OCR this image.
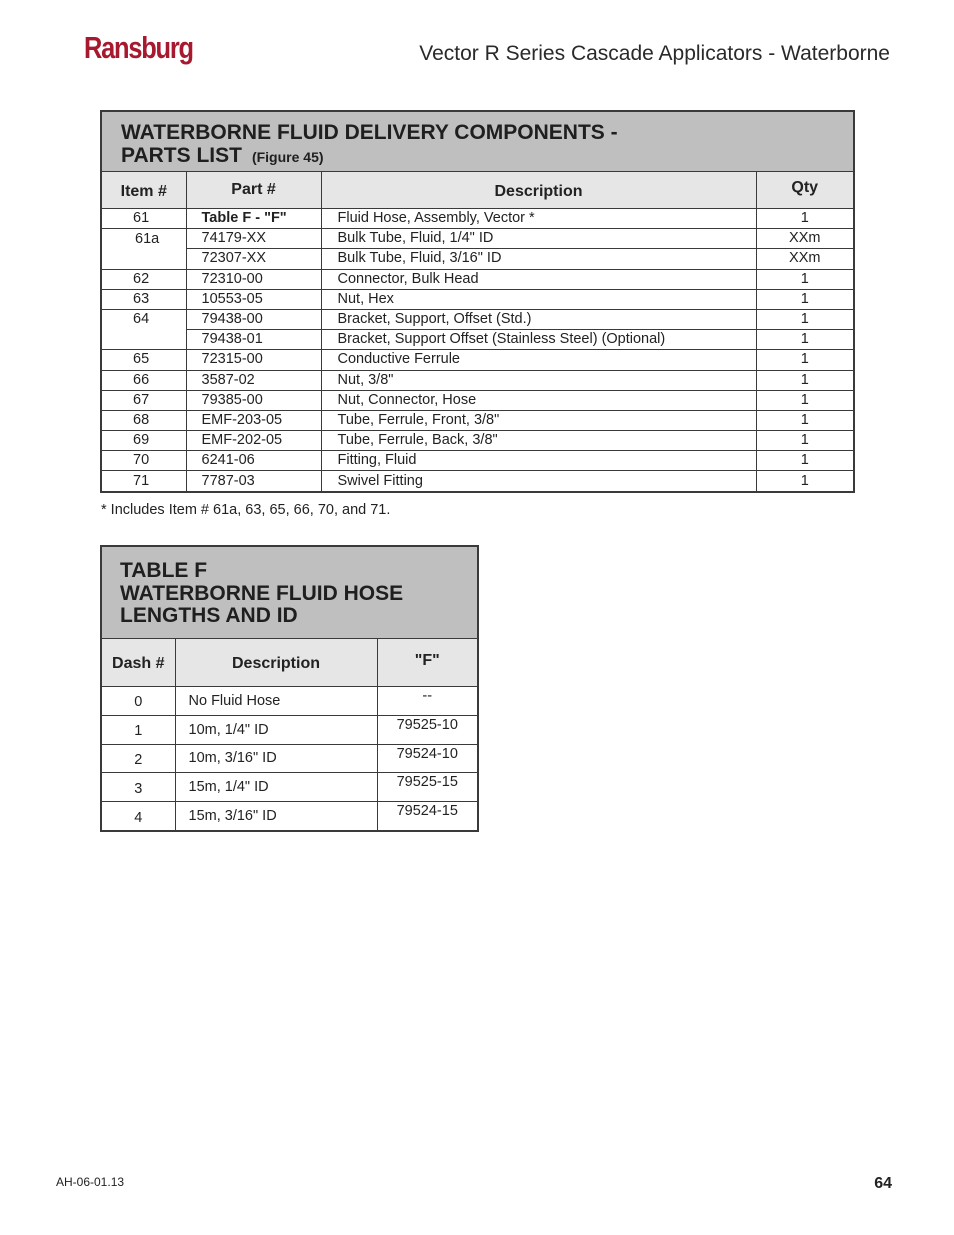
Ransburg	Vector R Series Cascade Applicators - Waterborne
WATERBORNE FLUID DELIVERY COMPONENTS -
PARTS LIST (Figure 45)
Item #	Part #	Description	Qty
61	Table F - "F"	Fluid Hose, Assembly, Vector *	1
61a	74179-XX	Bulk Tube, Fluid, 1/4" ID	XXm
	72307-XX	Bulk Tube, Fluid, 3/16" ID	XXm
62	72310-00	Connector, Bulk Head	1
63	10553-05	Nut, Hex	1
64	79438-00	Bracket, Support, Offset (Std.)	1
	79438-01	Bracket, Support Offset (Stainless Steel) (Optional)	1
65	72315-00	Conductive Ferrule	1
66	3587-02	Nut, 3/8"	1
67	79385-00	Nut, Connector, Hose	1
68	EMF-203-05	Tube, Ferrule, Front, 3/8"	1
69	EMF-202-05	Tube, Ferrule, Back, 3/8"	1
70	6241-06	Fitting, Fluid	1
71	7787-03	Swivel Fitting	1
* Includes Item # 61a, 63, 65, 66, 70, and 71.
TABLE F
WATERBORNE FLUID HOSE
LENGTHS AND ID
Dash #	Description	"F"
0	No Fluid Hose	--
1	10m, 1/4" ID	79525-10
2	10m, 3/16" ID	79524-10
3	15m, 1/4" ID	79525-15
4	15m, 3/16" ID	79524-15
AH-06-01.13	64
